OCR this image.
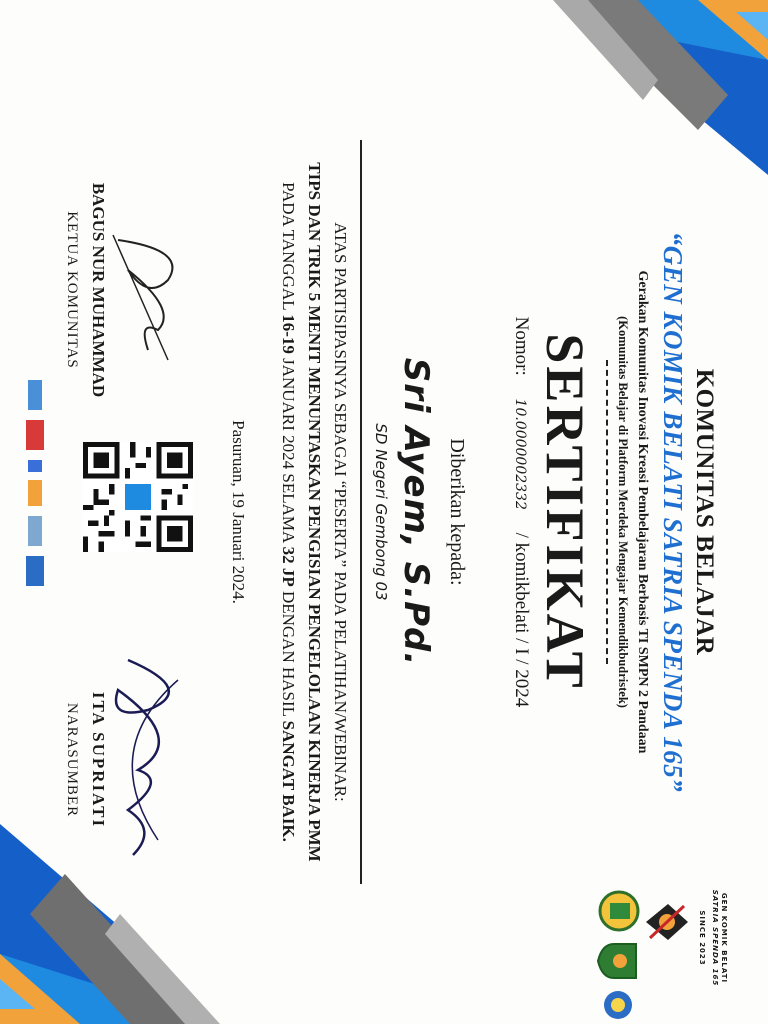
GEN KOMIK BELATI
SATRIA SPENDA 165
SINCE 2023
KOMUNITAS BELAJAR
“GEN KOMIK BELATI SATRIA SPENDA 165”
Gerakan Komunitas Inovasi Kreasi Pembelajaran Berbasis TI SMPN 2 Pandaan
(Komunitas Belajar di Platform Merdeka Mengajar Kemendikbudristek)
SERTIFIKAT
Nomor: 10.0000002332 / komikbelati / I / 2024
Diberikan kepada:
Sri Ayem, S.Pd.
SD Negeri Gembong 03
ATAS PARTISIPASINYA SEBAGAI “PESERTA” PADA PELATIHAN/WEBINAR:
TIPS DAN TRIK 5 MENIT MENUNTASKAN PENGISIAN PENGELOLAAN KINERJA PMM
PADA TANGGAL 16-19 JANUARI 2024 SELAMA 32 JP DENGAN HASIL SANGAT BAIK.
Pasuruan, 19 Januari 2024.
BAGUS NUR MUHAMMAD
KETUA KOMUNITAS
ITA SUPRIATI
NARASUMBER
